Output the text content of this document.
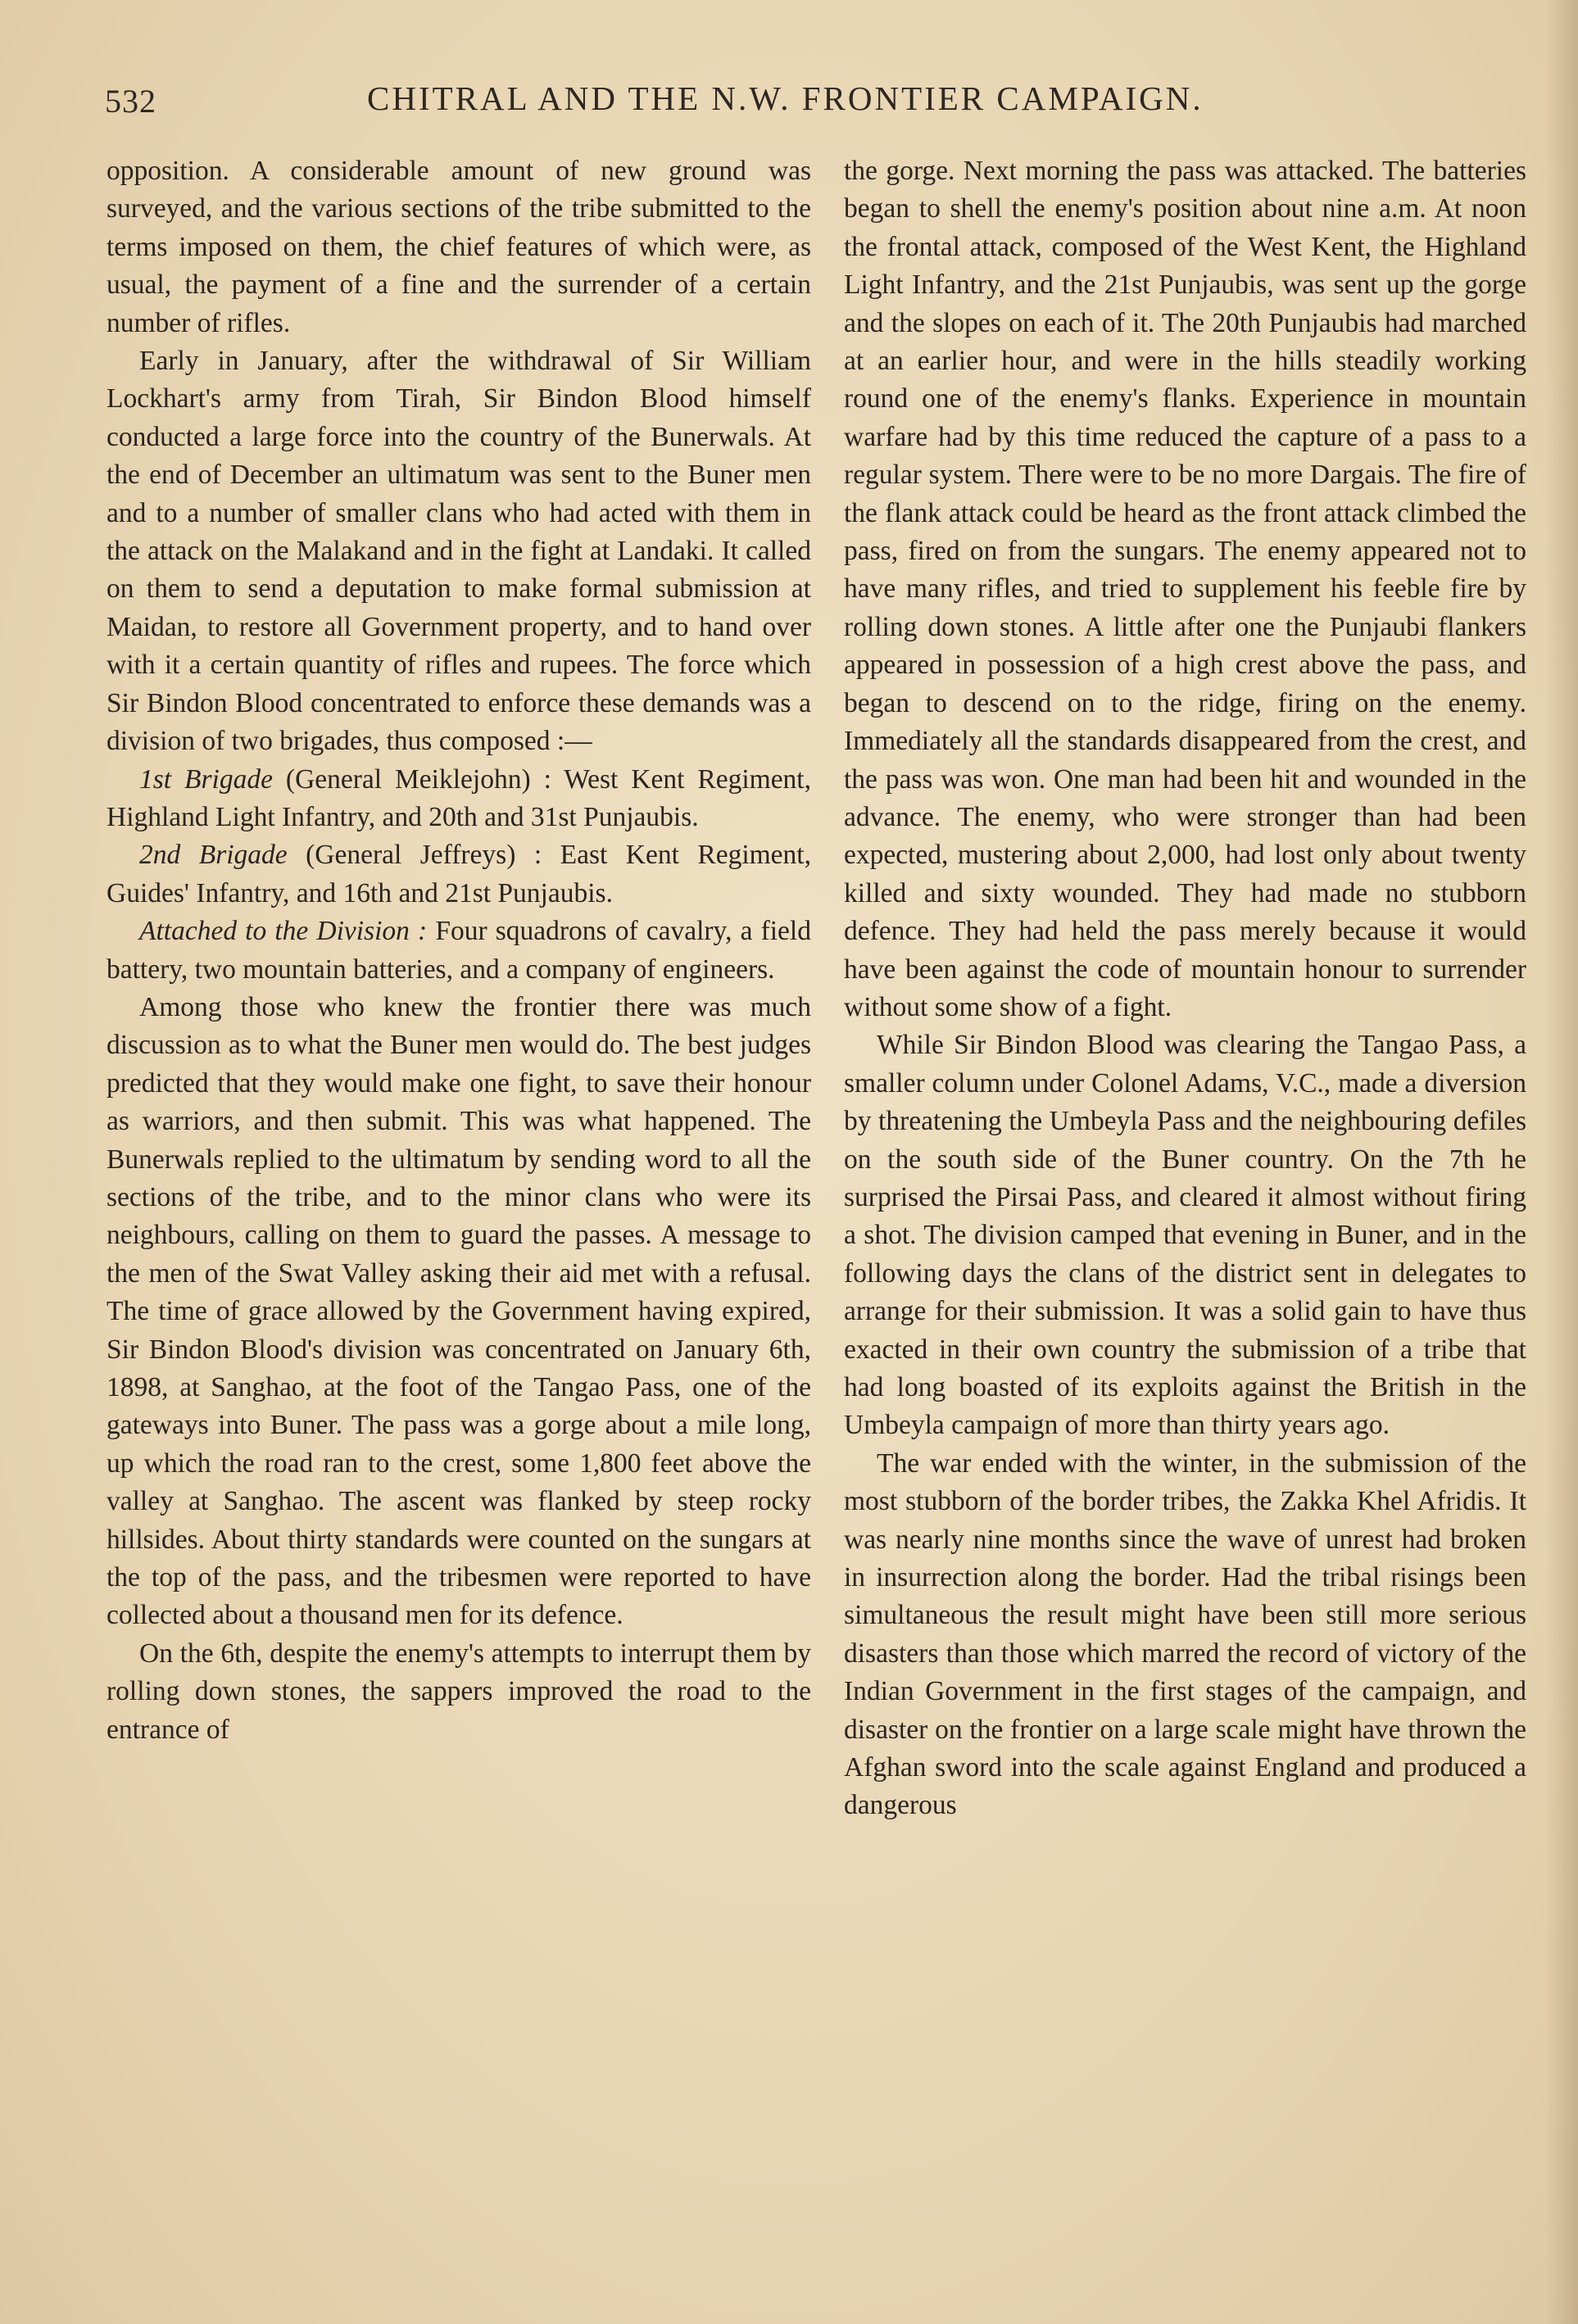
532	CHITRAL AND THE N.W. FRONTIER CAMPAIGN.

opposition. A considerable amount of new ground was surveyed, and the various sections of the tribe submitted to the terms imposed on them, the chief features of which were, as usual, the payment of a fine and the surrender of a certain number of rifles.

Early in January, after the withdrawal of Sir William Lockhart's army from Tirah, Sir Bindon Blood himself conducted a large force into the country of the Bunerwals. At the end of December an ultimatum was sent to the Buner men and to a number of smaller clans who had acted with them in the attack on the Malakand and in the fight at Landaki. It called on them to send a deputation to make formal submission at Maidan, to restore all Government property, and to hand over with it a certain quantity of rifles and rupees. The force which Sir Bindon Blood concentrated to enforce these demands was a division of two brigades, thus composed :—

1st Brigade (General Meiklejohn) : West Kent Regiment, Highland Light Infantry, and 20th and 31st Punjaubis.

2nd Brigade (General Jeffreys) : East Kent Regiment, Guides' Infantry, and 16th and 21st Punjaubis.

Attached to the Division : Four squadrons of cavalry, a field battery, two mountain batteries, and a company of engineers.

Among those who knew the frontier there was much discussion as to what the Buner men would do. The best judges predicted that they would make one fight, to save their honour as warriors, and then submit. This was what happened. The Bunerwals replied to the ultimatum by sending word to all the sections of the tribe, and to the minor clans who were its neighbours, calling on them to guard the passes. A message to the men of the Swat Valley asking their aid met with a refusal. The time of grace allowed by the Government having expired, Sir Bindon Blood's division was concentrated on January 6th, 1898, at Sanghao, at the foot of the Tangao Pass, one of the gateways into Buner. The pass was a gorge about a mile long, up which the road ran to the crest, some 1,800 feet above the valley at Sanghao. The ascent was flanked by steep rocky hillsides. About thirty standards were counted on the sungars at the top of the pass, and the tribesmen were reported to have collected about a thousand men for its defence.

On the 6th, despite the enemy's attempts to interrupt them by rolling down stones, the sappers improved the road to the entrance of

the gorge. Next morning the pass was attacked. The batteries began to shell the enemy's position about nine a.m. At noon the frontal attack, composed of the West Kent, the Highland Light Infantry, and the 21st Punjaubis, was sent up the gorge and the slopes on each of it. The 20th Punjaubis had marched at an earlier hour, and were in the hills steadily working round one of the enemy's flanks. Experience in mountain warfare had by this time reduced the capture of a pass to a regular system. There were to be no more Dargais. The fire of the flank attack could be heard as the front attack climbed the pass, fired on from the sungars. The enemy appeared not to have many rifles, and tried to supplement his feeble fire by rolling down stones. A little after one the Punjaubi flankers appeared in possession of a high crest above the pass, and began to descend on to the ridge, firing on the enemy. Immediately all the standards disappeared from the crest, and the pass was won. One man had been hit and wounded in the advance. The enemy, who were stronger than had been expected, mustering about 2,000, had lost only about twenty killed and sixty wounded. They had made no stubborn defence. They had held the pass merely because it would have been against the code of mountain honour to surrender without some show of a fight.

While Sir Bindon Blood was clearing the Tangao Pass, a smaller column under Colonel Adams, V.C., made a diversion by threatening the Umbeyla Pass and the neighbouring defiles on the south side of the Buner country. On the 7th he surprised the Pirsai Pass, and cleared it almost without firing a shot. The division camped that evening in Buner, and in the following days the clans of the district sent in delegates to arrange for their submission. It was a solid gain to have thus exacted in their own country the submission of a tribe that had long boasted of its exploits against the British in the Umbeyla campaign of more than thirty years ago.

The war ended with the winter, in the submission of the most stubborn of the border tribes, the Zakka Khel Afridis. It was nearly nine months since the wave of unrest had broken in insurrection along the border. Had the tribal risings been simultaneous the result might have been still more serious disasters than those which marred the record of victory of the Indian Government in the first stages of the campaign, and disaster on the frontier on a large scale might have thrown the Afghan sword into the scale against England and produced a dangerous
